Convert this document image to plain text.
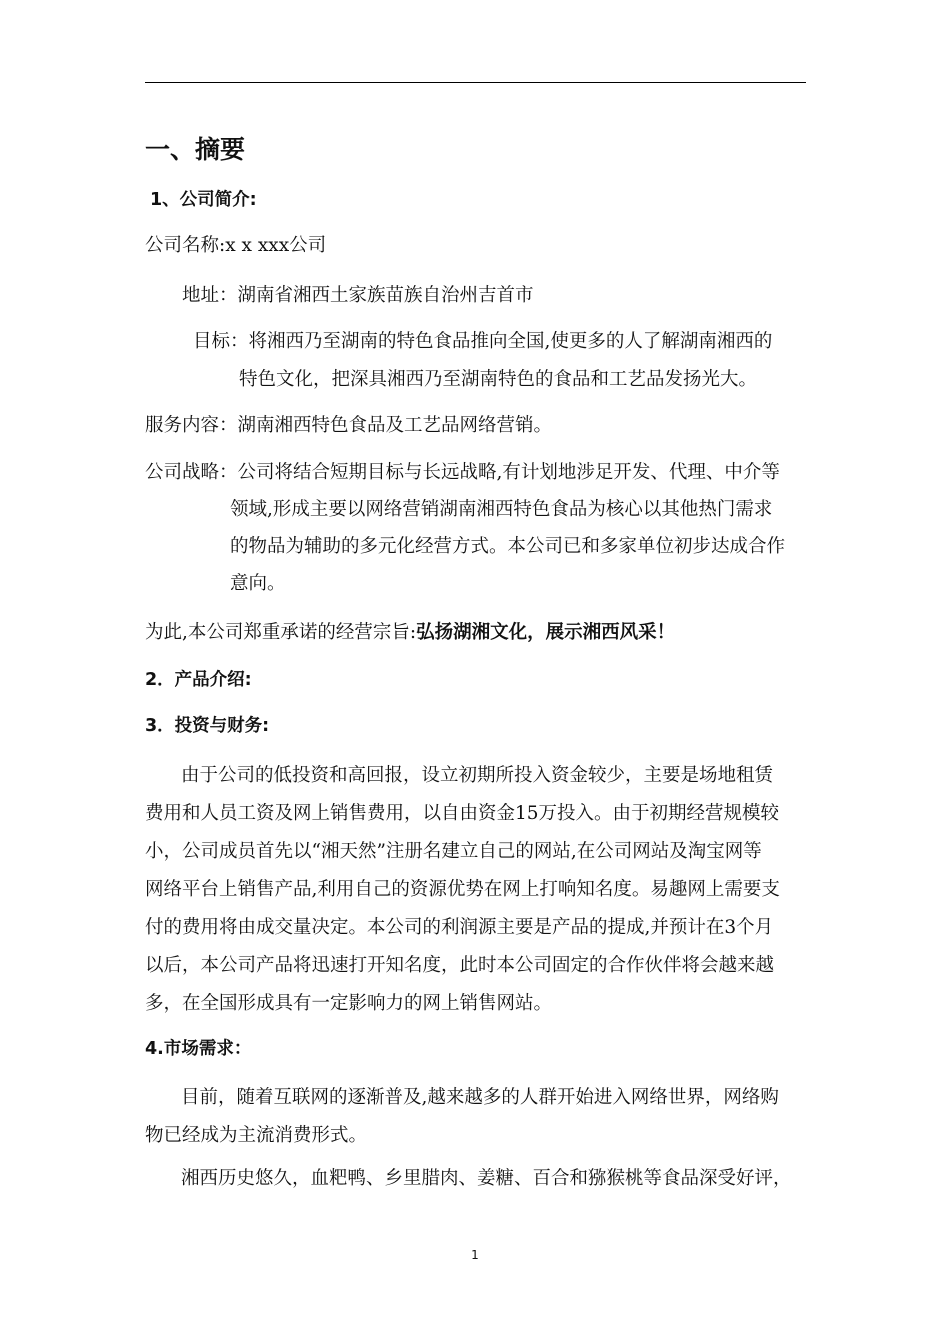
一、摘要
1、公司简介:
公司名称:x x xxx公司
地址：湖南省湘西土家族苗族自治州吉首市
目标：将湘西乃至湖南的特色食品推向全国,使更多的人了解湖南湘西的
特色文化，把深具湘西乃至湖南特色的食品和工艺品发扬光大。
服务内容：湖南湘西特色食品及工艺品网络营销。
公司战略：公司将结合短期目标与长远战略,有计划地涉足开发、代理、中介等
领域,形成主要以网络营销湖南湘西特色食品为核心以其他热门需求
的物品为辅助的多元化经营方式。本公司已和多家单位初步达成合作
意向。
为此,本公司郑重承诺的经营宗旨:弘扬湖湘文化，展示湘西风采！
2．产品介绍:
3．投资与财务:
由于公司的低投资和高回报，设立初期所投入资金较少，主要是场地租赁
费用和人员工资及网上销售费用，以自由资金15万投入。由于初期经营规模较
小，公司成员首先以“湘天然”注册名建立自己的网站,在公司网站及淘宝网等
网络平台上销售产品,利用自己的资源优势在网上打响知名度。易趣网上需要支
付的费用将由成交量决定。本公司的利润源主要是产品的提成,并预计在3个月
以后，本公司产品将迅速打开知名度，此时本公司固定的合作伙伴将会越来越
多，在全国形成具有一定影响力的网上销售网站。
4.市场需求：
目前，随着互联网的逐渐普及,越来越多的人群开始进入网络世界，网络购
物已经成为主流消费形式。
湘西历史悠久，血粑鸭、乡里腊肉、姜糖、百合和猕猴桃等食品深受好评，
1
